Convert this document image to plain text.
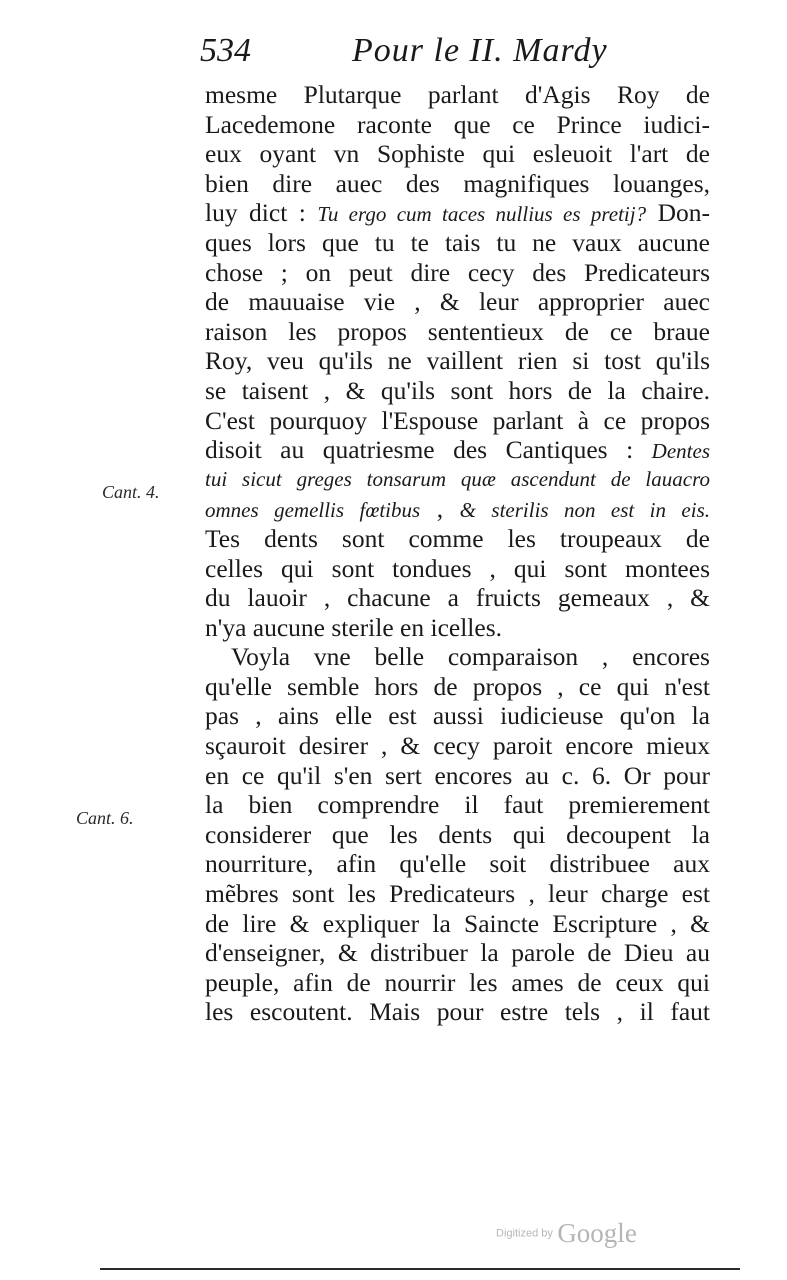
534	Pour le II. Mardy
Cant. 4.
Cant. 6.
mesme Plutarque parlant d'Agis Roy de
Lacedemone raconte que ce Prince iudici-
eux oyant vn Sophiste qui esleuoit l'art de
bien dire auec des magnifiques louanges,
luy dict : Tu ergo cum taces nullius es pretij? Don-
ques lors que tu te tais tu ne vaux aucune
chose ; on peut dire cecy des Predicateurs
de mauuaise vie , & leur approprier auec
raison les propos sententieux de ce braue
Roy, veu qu'ils ne vaillent rien si tost qu'ils
se taisent , & qu'ils sont hors de la chaire.
C'est pourquoy l'Espouse parlant à ce propos
disoit au quatriesme des Cantiques : Dentes
tui sicut greges tonsarum quæ ascendunt de lauacro
omnes gemellis fœtibus , & sterilis non est in eis.
Tes dents sont comme les troupeaux de
celles qui sont tondues , qui sont montees
du lauoir , chacune a fruicts gemeaux , &
n'ya aucune sterile en icelles.
Voyla vne belle comparaison , encores
qu'elle semble hors de propos , ce qui n'est
pas , ains elle est aussi iudicieuse qu'on la
sçauroit desirer , & cecy paroit encore mieux
en ce qu'il s'en sert encores au c. 6. Or pour
la bien comprendre il faut premierement
considerer que les dents qui decoupent la
nourriture, afin qu'elle soit distribuee aux
mẽbres sont les Predicateurs , leur charge est
de lire & expliquer la Saincte Escripture , &
d'enseigner, & distribuer la parole de Dieu au
peuple, afin de nourrir les ames de ceux qui
les escoutent. Mais pour estre tels , il faut
Digitized by Google
